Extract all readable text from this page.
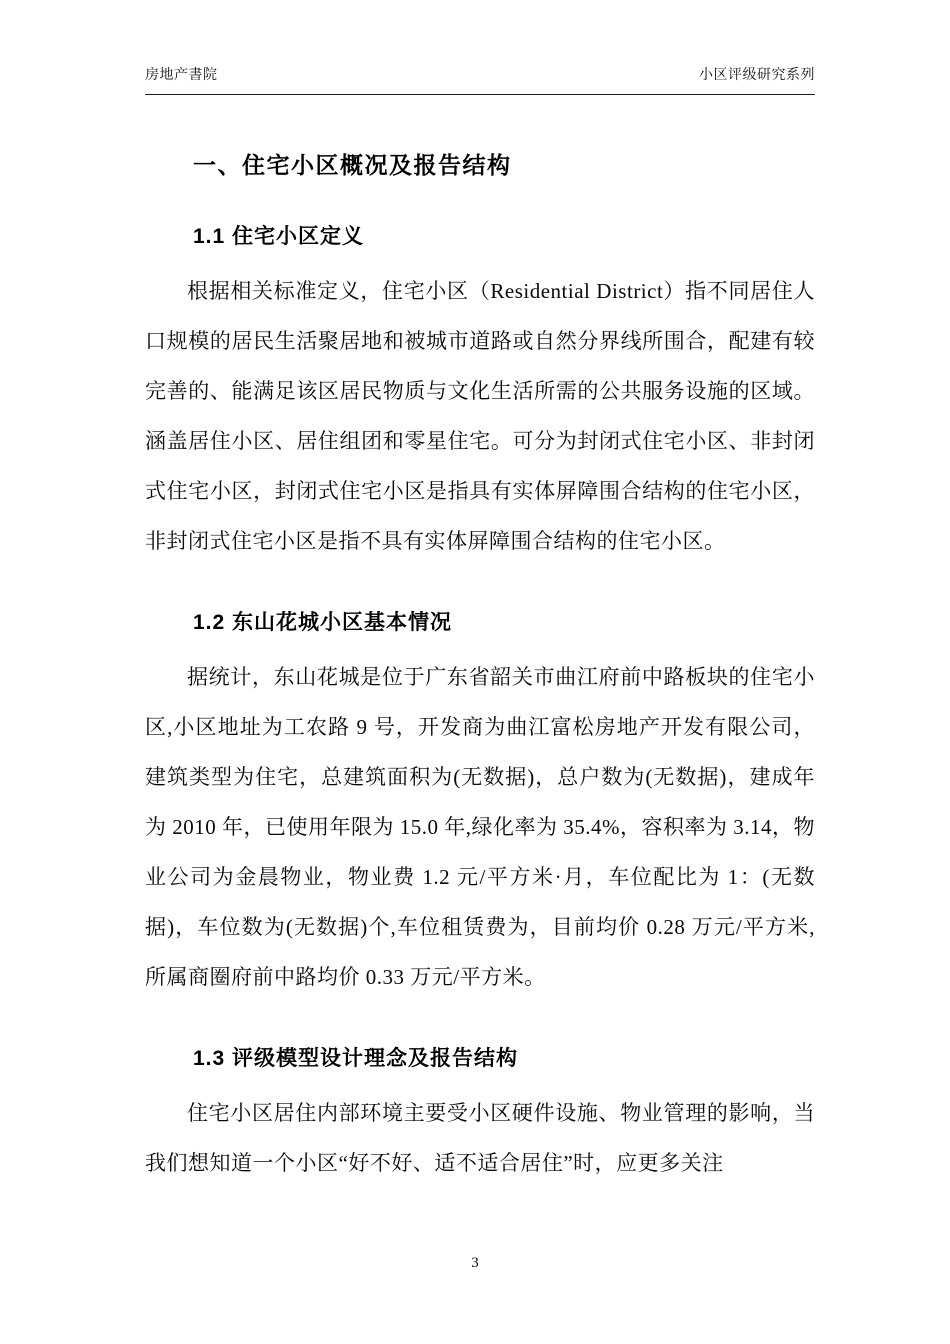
房地产書院	小区评级研究系列
一、住宅小区概况及报告结构
1.1 住宅小区定义

根据相关标准定义，住宅小区（Residential District）指不同居住人口规模的居民生活聚居地和被城市道路或自然分界线所围合，配建有较完善的、能满足该区居民物质与文化生活所需的公共服务设施的区域。涵盖居住小区、居住组团和零星住宅。可分为封闭式住宅小区、非封闭式住宅小区，封闭式住宅小区是指具有实体屏障围合结构的住宅小区，非封闭式住宅小区是指不具有实体屏障围合结构的住宅小区。

1.2 东山花城小区基本情况

据统计，东山花城是位于广东省韶关市曲江府前中路板块的住宅小区,小区地址为工农路 9 号，开发商为曲江富松房地产开发有限公司，建筑类型为住宅，总建筑面积为(无数据)，总户数为(无数据)，建成年为 2010 年，已使用年限为 15.0 年,绿化率为 35.4%，容积率为 3.14，物业公司为金晨物业，物业费 1.2 元/平方米·月，车位配比为 1：(无数据)，车位数为(无数据)个,车位租赁费为，目前均价 0.28 万元/平方米,所属商圈府前中路均价 0.33 万元/平方米。

1.3 评级模型设计理念及报告结构

住宅小区居住内部环境主要受小区硬件设施、物业管理的影响，当我们想知道一个小区“好不好、适不适合居住”时，应更多关注

3
